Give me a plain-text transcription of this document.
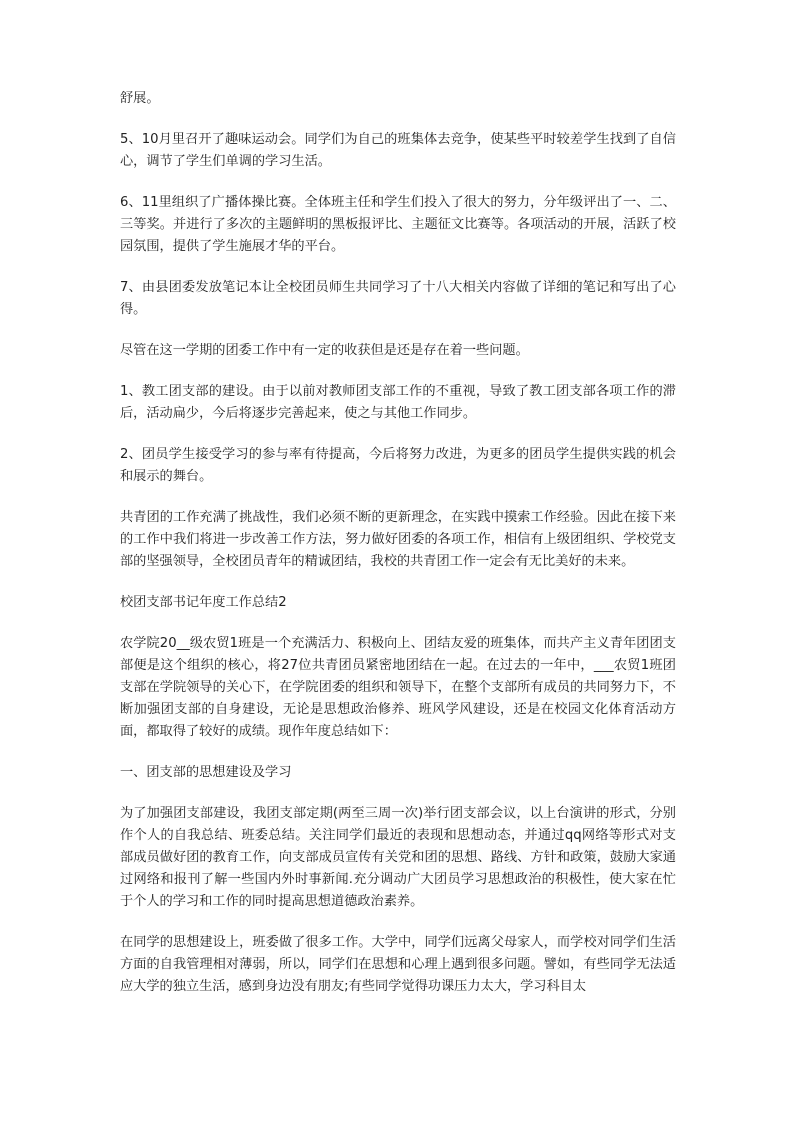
舒展。

5、10月里召开了趣味运动会。同学们为自己的班集体去竞争，使某些平时较差学生找到了自信心，调节了学生们单调的学习生活。

6、11里组织了广播体操比赛。全体班主任和学生们投入了很大的努力，分年级评出了一、二、三等奖。并进行了多次的主题鲜明的黑板报评比、主题征文比赛等。各项活动的开展，活跃了校园氛围，提供了学生施展才华的平台。

7、由县团委发放笔记本让全校团员师生共同学习了十八大相关内容做了详细的笔记和写出了心得。

尽管在这一学期的团委工作中有一定的收获但是还是存在着一些问题。

1、教工团支部的建设。由于以前对教师团支部工作的不重视，导致了教工团支部各项工作的滞后，活动扁少，今后将逐步完善起来，使之与其他工作同步。

2、团员学生接受学习的参与率有待提高，今后将努力改进，为更多的团员学生提供实践的机会和展示的舞台。

共青团的工作充满了挑战性，我们必须不断的更新理念，在实践中摸索工作经验。因此在接下来的工作中我们将进一步改善工作方法，努力做好团委的各项工作，相信有上级团组织、学校党支部的坚强领导，全校团员青年的精诚团结，我校的共青团工作一定会有无比美好的未来。

校团支部书记年度工作总结2

农学院20__级农贸1班是一个充满活力、积极向上、团结友爱的班集体，而共产主义青年团团支部便是这个组织的核心，将27位共青团员紧密地团结在一起。在过去的一年中，___农贸1班团支部在学院领导的关心下，在学院团委的组织和领导下，在整个支部所有成员的共同努力下，不断加强团支部的自身建设，无论是思想政治修养、班风学风建设，还是在校园文化体育活动方面，都取得了较好的成绩。现作年度总结如下：

一、团支部的思想建设及学习

为了加强团支部建设，我团支部定期(两至三周一次)举行团支部会议，以上台演讲的形式，分别作个人的自我总结、班委总结。关注同学们最近的表现和思想动态，并通过qq网络等形式对支部成员做好团的教育工作，向支部成员宣传有关党和团的思想、路线、方针和政策，鼓励大家通过网络和报刊了解一些国内外时事新闻.充分调动广大团员学习思想政治的积极性，使大家在忙于个人的学习和工作的同时提高思想道德政治素养。

在同学的思想建设上，班委做了很多工作。大学中，同学们远离父母家人，而学校对同学们生活方面的自我管理相对薄弱，所以，同学们在思想和心理上遇到很多问题。譬如，有些同学无法适应大学的独立生活，感到身边没有朋友;有些同学觉得功课压力太大，学习科目太
